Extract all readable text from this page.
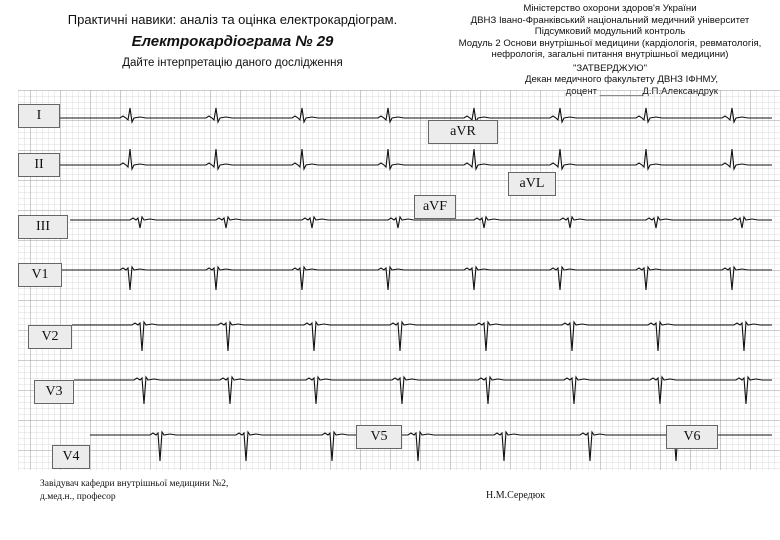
Практичні навики: аналіз та оцінка електрокардіограм.
Електрокардіограма № 29
Дайте інтерпретацію даного дослідження
Міністерство охорони здоров'я України
ДВНЗ Івано-Франківський національний медичний університет
Підсумковий модульний контроль
Модуль 2 Основи внутрішньої медицини (кардіологія, ревматологія,
нефрологія, загальні питання внутрішньої медицини)
"ЗАТВЕРДЖУЮ"
Декан медичного факультету ДВНЗ ІФНМУ,
I
aVR
II
aVL
aVF
III
V1
V2
V3
V4
V5	V6
Завідувач кафедри внутрішньої медицини №2,
д.мед.н., професор	Н.М.Середюк
